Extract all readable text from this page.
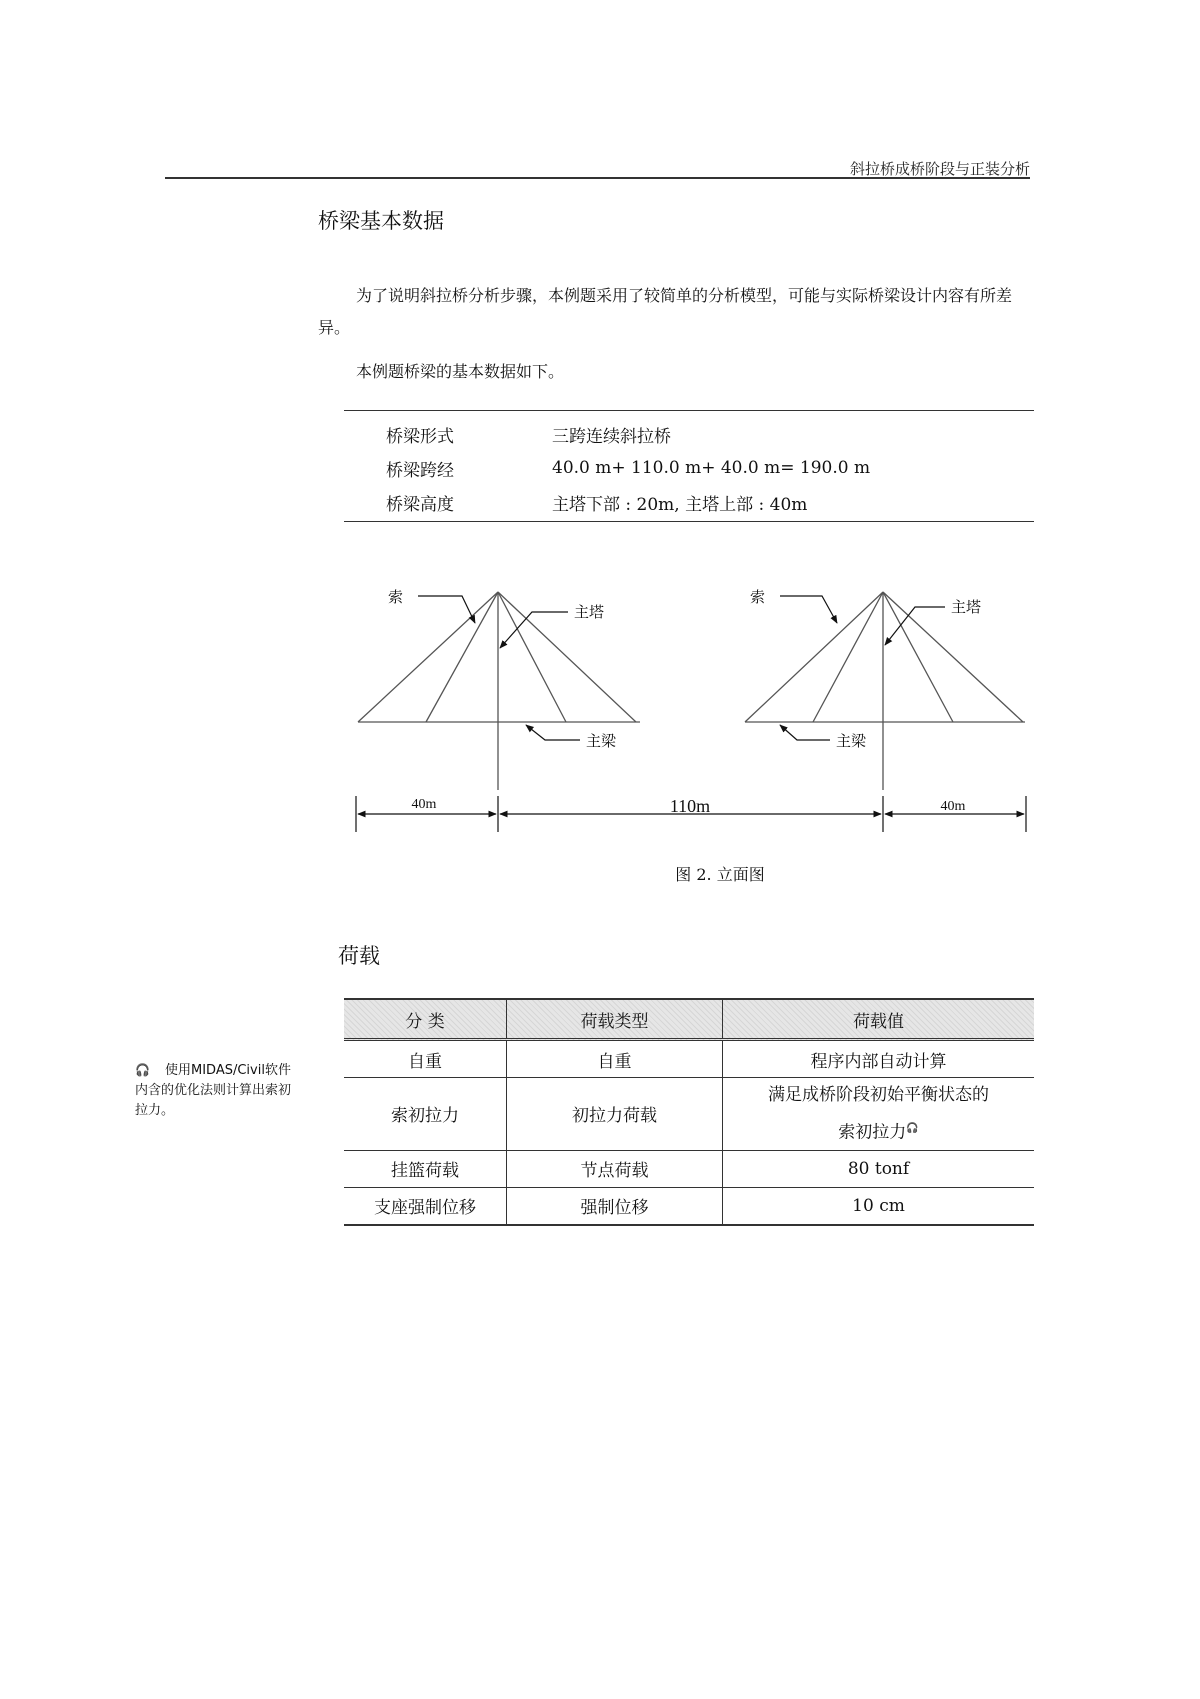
斜拉桥成桥阶段与正装分析
桥梁基本数据
为了说明斜拉桥分析步骤，本例题采用了较简单的分析模型，可能与实际桥梁设计内容有所差异。
本例题桥梁的基本数据如下。
桥梁形式	三跨连续斜拉桥
桥梁跨经	40.0 m+ 110.0 m+ 40.0 m= 190.0 m
桥梁高度	主塔下部 : 20m, 主塔上部 : 40m
索
主塔
主梁
索
主塔
主梁
40m	110m	40m
图 2. 立面图
荷载
分 类	荷载类型	荷载值
自重	自重	程序内部自动计算
索初拉力	初拉力荷载	满足成桥阶段初始平衡状态的
索初拉力🎧

挂篮荷载	节点荷载	80 tonf
支座强制位移	强制位移	10 cm
🎧 使用MIDAS/Civil软件内含的优化法则计算出索初拉力。
